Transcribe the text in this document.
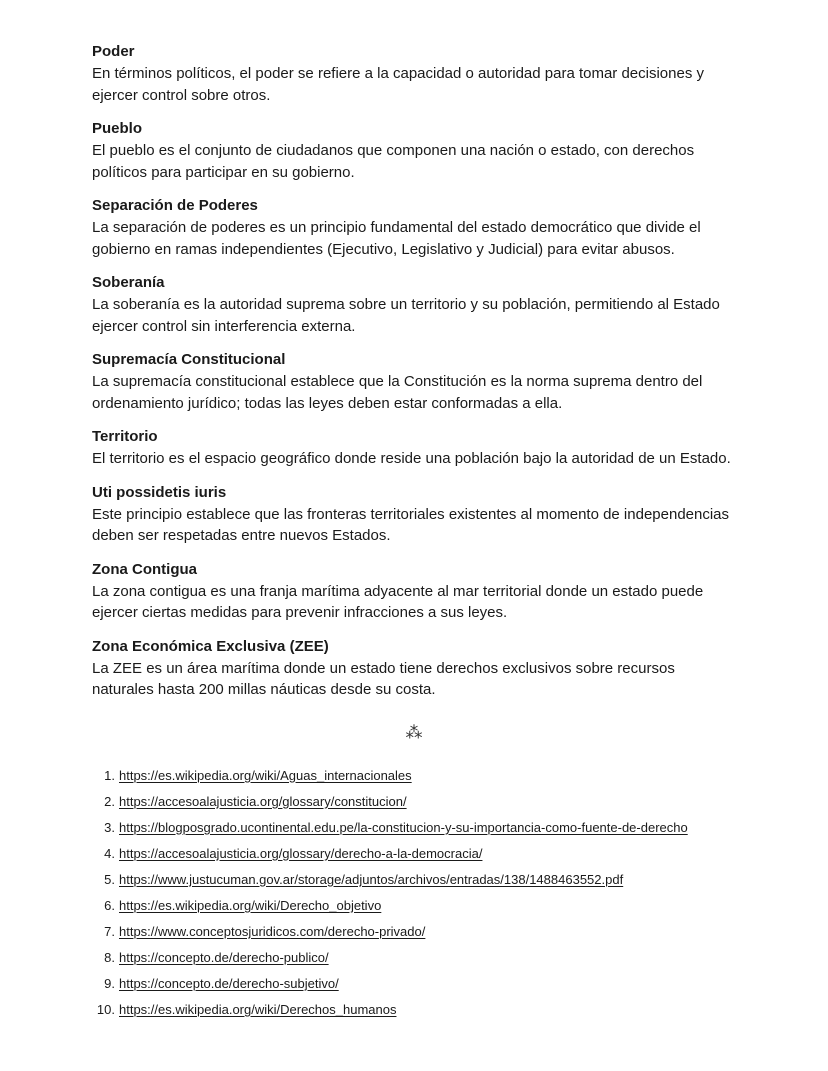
Poder

En términos políticos, el poder se refiere a la capacidad o autoridad para tomar decisiones y ejercer control sobre otros.

Pueblo

El pueblo es el conjunto de ciudadanos que componen una nación o estado, con derechos políticos para participar en su gobierno.

Separación de Poderes

La separación de poderes es un principio fundamental del estado democrático que divide el gobierno en ramas independientes (Ejecutivo, Legislativo y Judicial) para evitar abusos.

Soberanía

La soberanía es la autoridad suprema sobre un territorio y su población, permitiendo al Estado ejercer control sin interferencia externa.

Supremacía Constitucional

La supremacía constitucional establece que la Constitución es la norma suprema dentro del ordenamiento jurídico; todas las leyes deben estar conformadas a ella.

Territorio

El territorio es el espacio geográfico donde reside una población bajo la autoridad de un Estado.

Uti possidetis iuris

Este principio establece que las fronteras territoriales existentes al momento de independencias deben ser respetadas entre nuevos Estados.

Zona Contigua

La zona contigua es una franja marítima adyacente al mar territorial donde un estado puede ejercer ciertas medidas para prevenir infracciones a sus leyes.

Zona Económica Exclusiva (ZEE)

La ZEE es un área marítima donde un estado tiene derechos exclusivos sobre recursos naturales hasta 200 millas náuticas desde su costa.

⁂
1. https://es.wikipedia.org/wiki/Aguas_internacionales
2. https://accesoalajusticia.org/glossary/constitucion/
3. https://blogposgrado.ucontinental.edu.pe/la-constitucion-y-su-importancia-como-fuente-de-derecho
4. https://accesoalajusticia.org/glossary/derecho-a-la-democracia/
5. https://www.justucuman.gov.ar/storage/adjuntos/archivos/entradas/138/1488463552.pdf
6. https://es.wikipedia.org/wiki/Derecho_objetivo
7. https://www.conceptosjuridicos.com/derecho-privado/
8. https://concepto.de/derecho-publico/
9. https://concepto.de/derecho-subjetivo/
10. https://es.wikipedia.org/wiki/Derechos_humanos
